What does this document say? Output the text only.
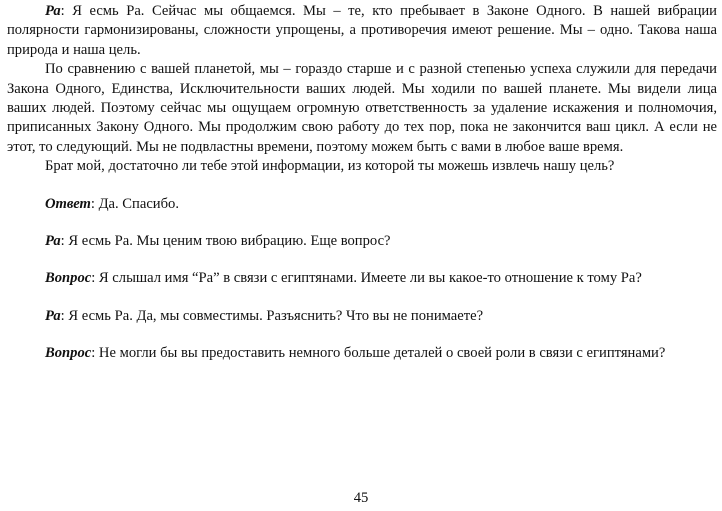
Ра: Я есмь Ра. Сейчас мы общаемся. Мы – те, кто пребывает в Законе Одного. В нашей вибрации полярности гармонизированы, сложности упрощены, а противоречия имеют решение. Мы – одно. Такова наша природа и наша цель.

По сравнению с вашей планетой, мы – гораздо старше и с разной степенью успеха служили для передачи Закона Одного, Единства, Исключительности ваших людей. Мы ходили по вашей планете. Мы видели лица ваших людей. Поэтому сейчас мы ощущаем огромную ответственность за удаление искажения и полномочия, приписанных Закону Одного. Мы продолжим свою работу до тех пор, пока не закончится ваш цикл. А если не этот, то следующий. Мы не подвластны времени, поэтому можем быть с вами в любое ваше время.

Брат мой, достаточно ли тебе этой информации, из которой ты можешь извлечь нашу цель?

Ответ: Да. Спасибо.

Ра: Я есмь Ра. Мы ценим твою вибрацию. Еще вопрос?

Вопрос: Я слышал имя “Ра” в связи с египтянами. Имеете ли вы какое-то отношение к тому Ра?

Ра: Я есмь Ра. Да, мы совместимы. Разъяснить? Что вы не понимаете?

Вопрос: Не могли бы вы предоставить немного больше деталей о своей роли в связи с египтянами?

45
